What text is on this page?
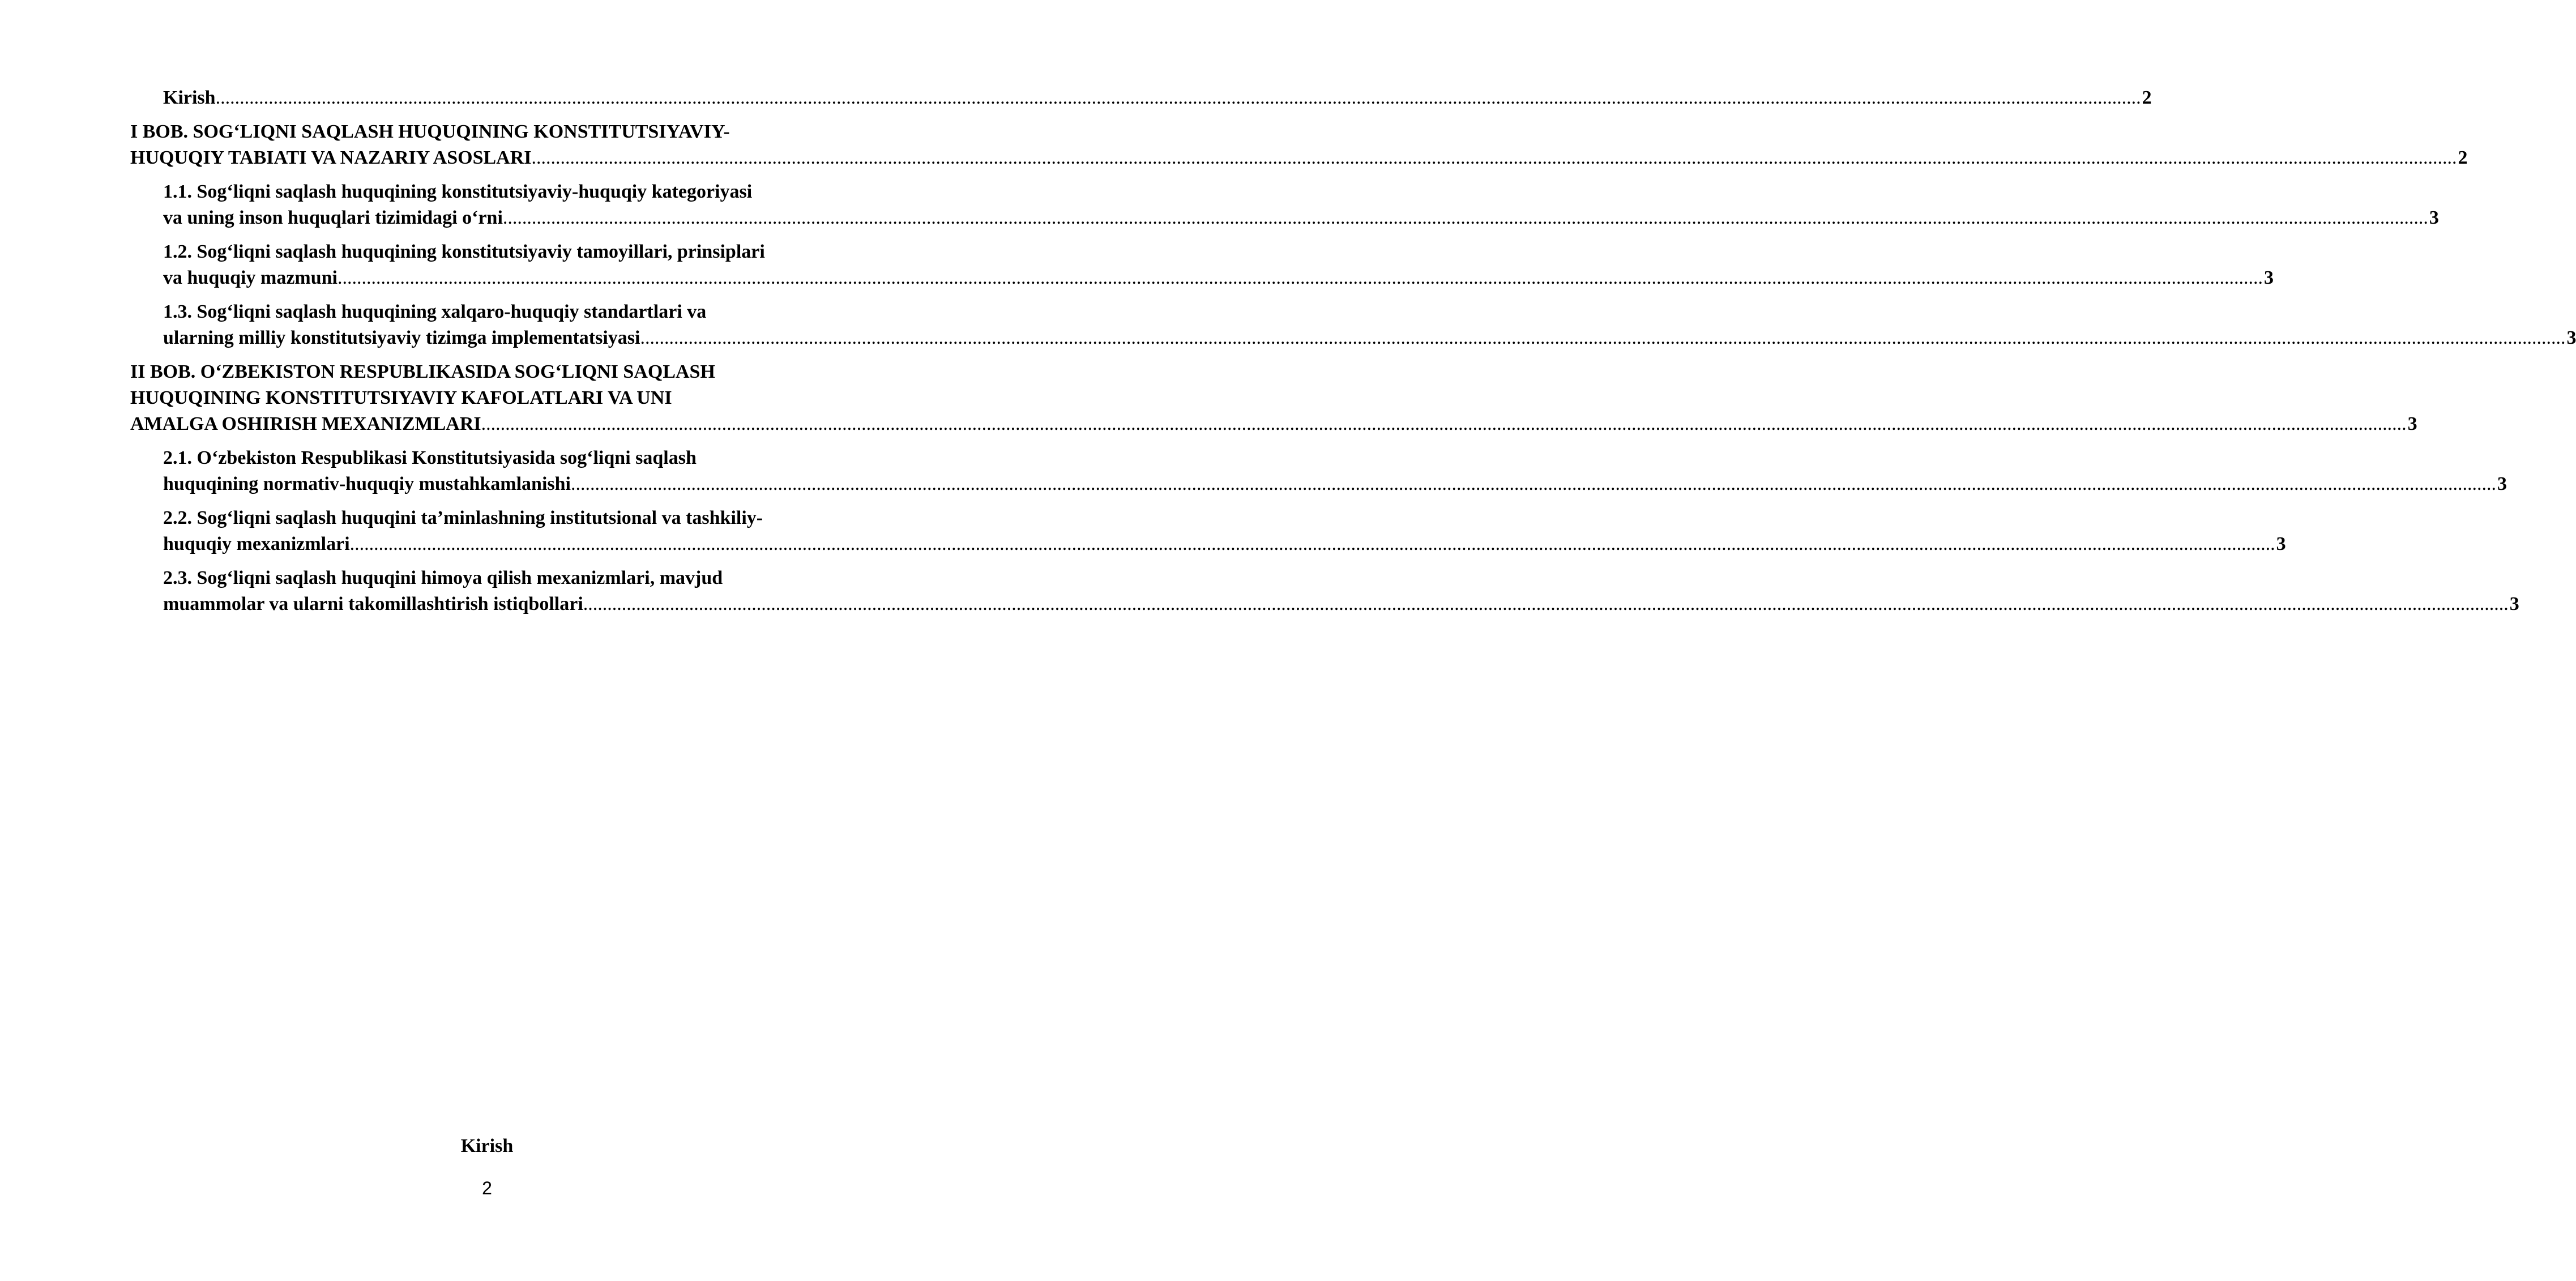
Kirish ................................................................................................................................................................................................................................................................................................................................................................................................................ 2
I BOB. SOG‘LIQNI SAQLASH HUQUQINING KONSTITUTSIYAVIY-
HUQUQIY TABIATI VA NAZARIY ASOSLARI ................................................................................................................................................................................................................................................................................................................................................................................................................ 2
1.1. Sog‘liqni saqlash huquqining konstitutsiyaviy-huquqiy kategoriyasi
va uning inson huquqlari tizimidagi o‘rni ................................................................................................................................................................................................................................................................................................................................................................................................................ 3
1.2. Sog‘liqni saqlash huquqining konstitutsiyaviy tamoyillari, prinsiplari
va huquqiy mazmuni ................................................................................................................................................................................................................................................................................................................................................................................................................ 3
1.3. Sog‘liqni saqlash huquqining xalqaro-huquqiy standartlari va
ularning milliy konstitutsiyaviy tizimga implementatsiyasi ................................................................................................................................................................................................................................................................................................................................................................................................................ 3
II BOB. O‘ZBEKISTON RESPUBLIKASIDA SOG‘LIQNI SAQLASH
HUQUQINING KONSTITUTSIYAVIY KAFOLATLARI VA UNI
AMALGA OSHIRISH MEXANIZMLARI ................................................................................................................................................................................................................................................................................................................................................................................................................ 3
2.1. O‘zbekiston Respublikasi Konstitutsiyasida sog‘liqni saqlash
huquqining normativ-huquqiy mustahkamlanishi ................................................................................................................................................................................................................................................................................................................................................................................................................ 3
2.2. Sog‘liqni saqlash huquqini ta’minlashning institutsional va tashkiliy-
huquqiy mexanizmlari ................................................................................................................................................................................................................................................................................................................................................................................................................ 3
2.3. Sog‘liqni saqlash huquqini himoya qilish mexanizmlari, mavjud
muammolar va ularni takomillashtirish istiqbollari ................................................................................................................................................................................................................................................................................................................................................................................................................ 3
Kirish
2
